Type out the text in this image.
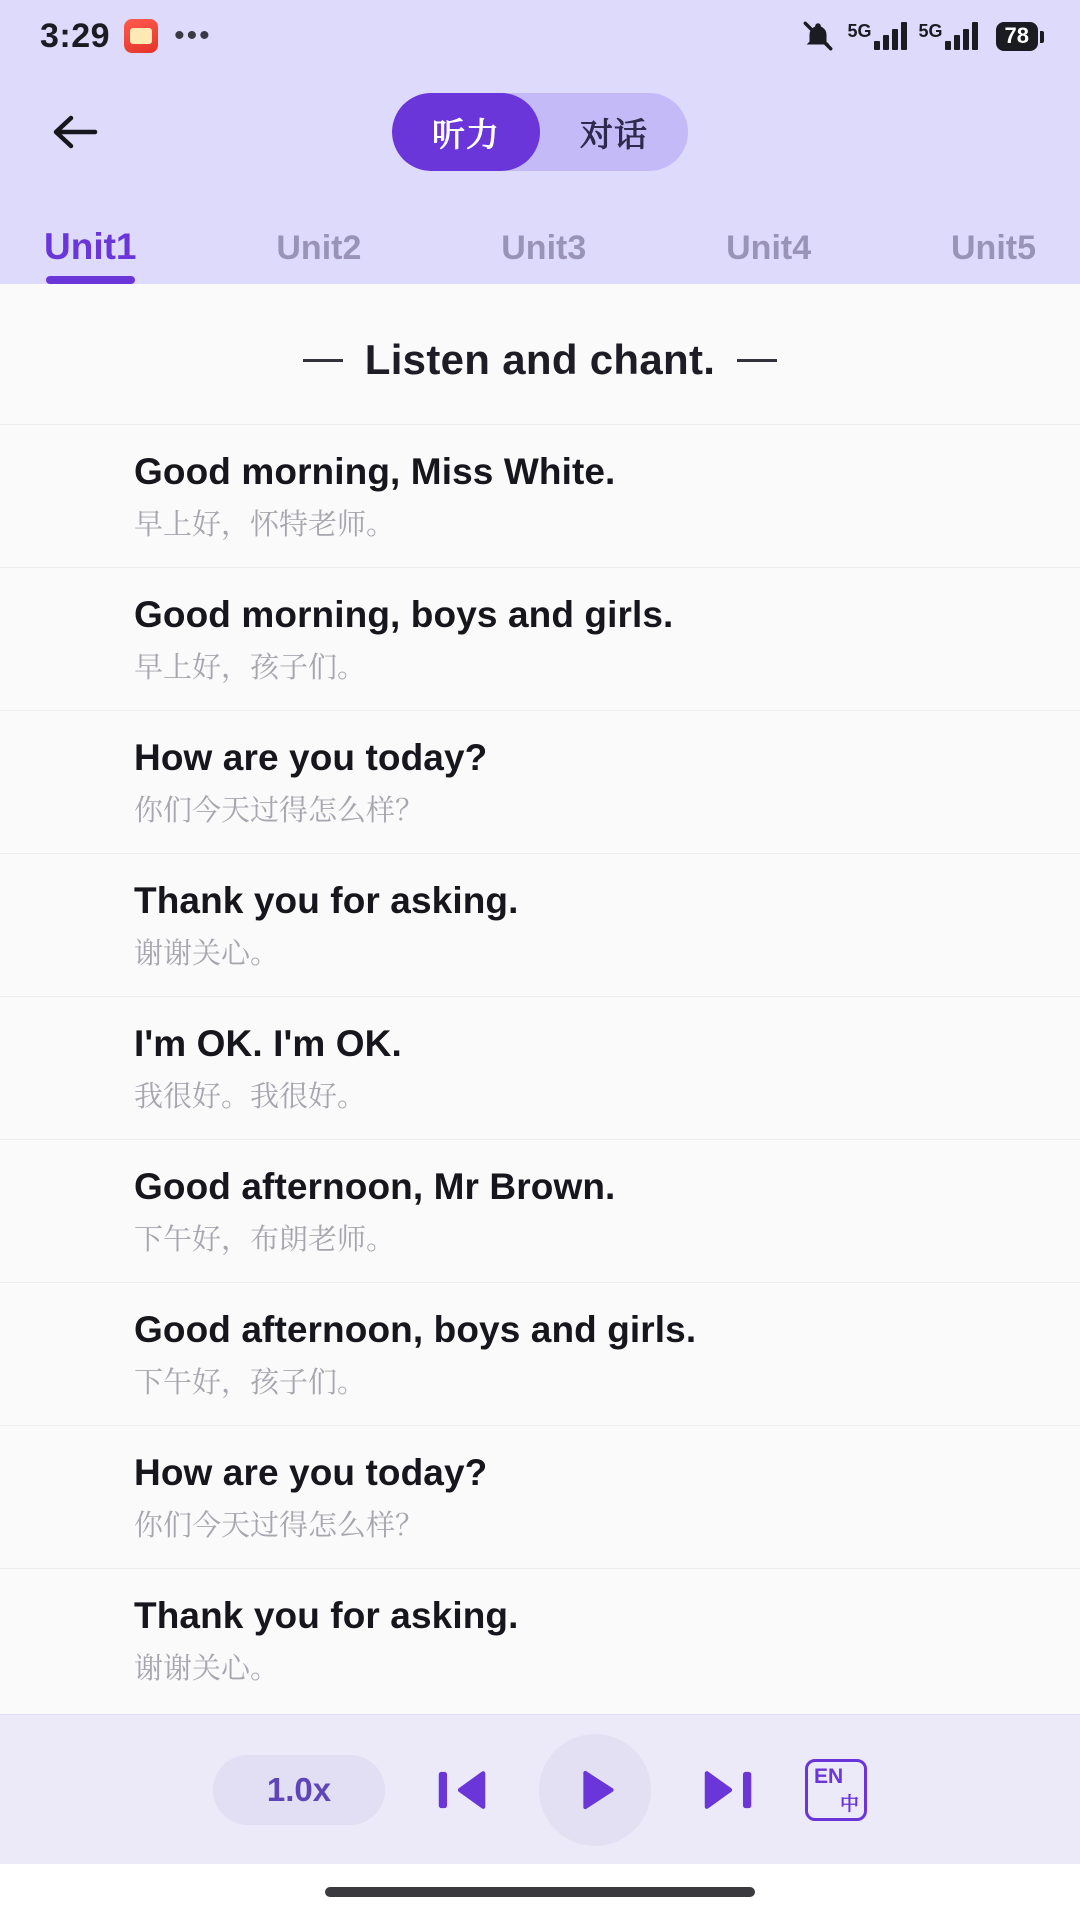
3:29 •••	5G	5G	78
听力	对话
Unit1	Unit2	Unit3	Unit4	Unit5
Listen and chant.
Good morning, Miss White.
早上好，怀特老师。
Good morning, boys and girls.
早上好，孩子们。
How are you today?
你们今天过得怎么样？
Thank you for asking.
谢谢关心。
I'm OK. I'm OK.
我很好。我很好。
Good afternoon, Mr Brown.
下午好，布朗老师。
Good afternoon, boys and girls.
下午好，孩子们。
How are you today?
你们今天过得怎么样？
Thank you for asking.
谢谢关心。
1.0x	EN
中
